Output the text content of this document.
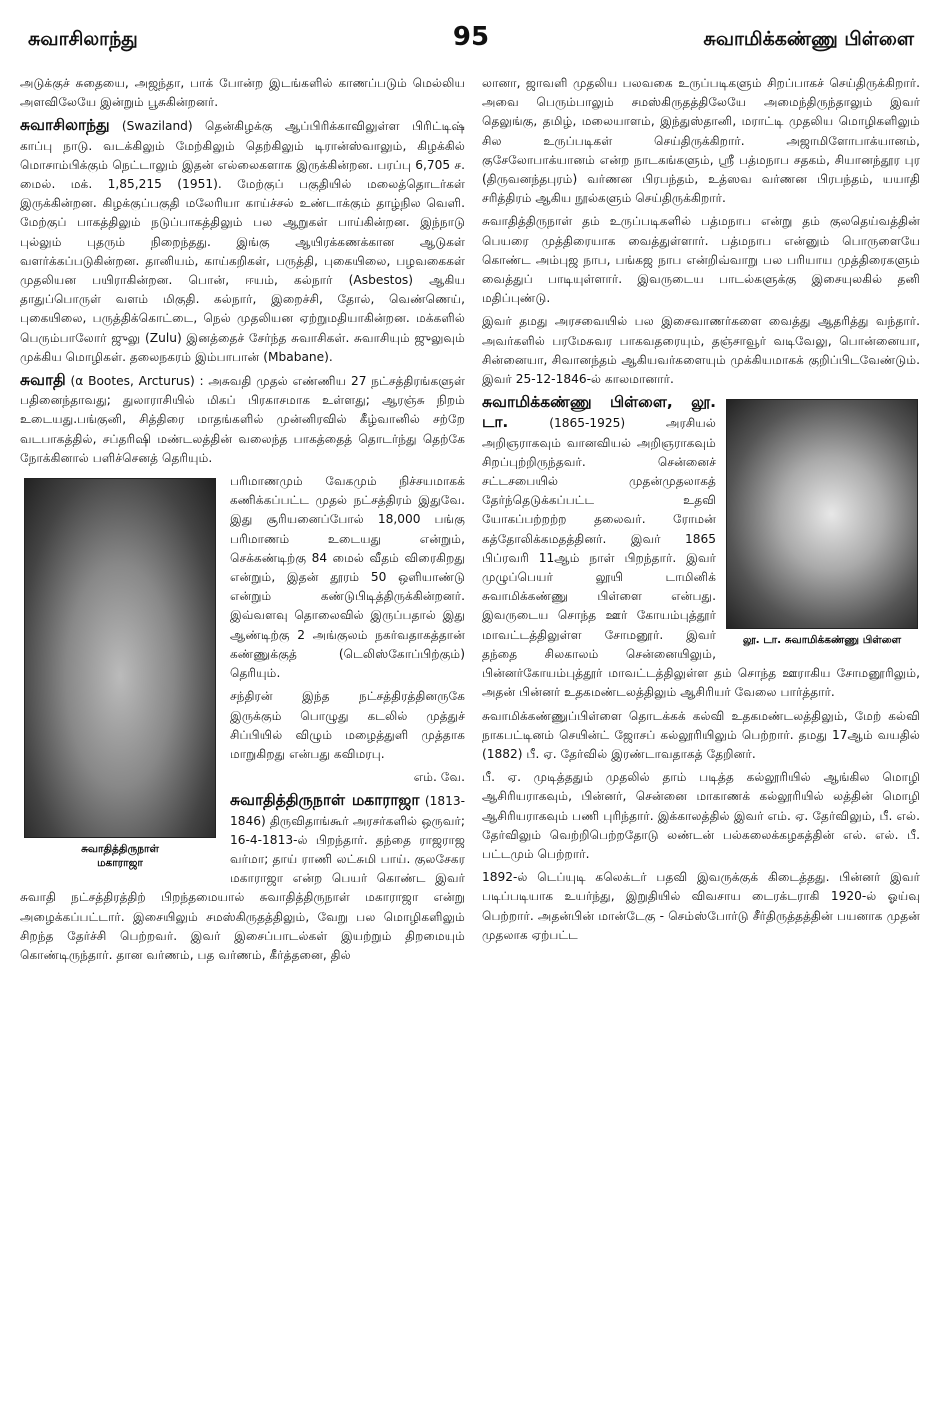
சுவாசிலாந்து	95	சுவாமிக்கண்ணு பிள்ளை

அடுக்குச் சுதையை, அஜந்தா, பாக் போன்ற இடங்களில் காணப்படும் மெல்லிய அளவிலேயே இன்றும் பூசுகின்றனர்.

சுவாசிலாந்து (Swaziland) தென்கிழக்கு ஆப்பிரிக்காவிலுள்ள பிரிட்டிஷ் காப்பு நாடு. வடக்கிலும் மேற்கிலும் தெற்கிலும் டிரான்ஸ்வாலும், கிழக்கில் மொசாம்பிக்கும் நெட்டாலும் இதன் எல்லைகளாக இருக்கின்றன. பரப்பு 6,705 ச. மைல். மக். 1,85,215 (1951). மேற்குப் பகுதியில் மலைத்தொடர்கள் இருக்கின்றன. கிழக்குப்பகுதி மலேரியா காய்ச்சல் உண்டாக்கும் தாழ்நில வெளி. மேற்குப் பாகத்திலும் நடுப்பாகத்திலும் பல ஆறுகள் பாய்கின்றன. இந்நாடு புல்லும் புதரும் நிறைந்தது. இங்கு ஆயிரக்கணக்கான ஆடுகள் வளர்க்கப்படுகின்றன. தானியம், காய்கறிகள், பருத்தி, புகையிலை, பழவகைகள் முதலியன பயிராகின்றன. பொன், ஈயம், கல்நார் (Asbestos) ஆகிய தாதுப்பொருள் வளம் மிகுதி. கல்நார், இறைச்சி, தோல், வெண்ணெய், புகையிலை, பருத்திக்கொட்டை, நெல் முதலியன ஏற்றுமதியாகின்றன. மக்களில் பெரும்பாலோர் ஜுலு (Zulu) இனத்தைச் சேர்ந்த சுவாசிகள். சுவாசியும் ஜுலுவும் முக்கிய மொழிகள். தலைநகரம் இம்பாபான் (Mbabane).

சுவாதி (α Bootes, Arcturus) : அசுவதி முதல் எண்ணிய 27 நட்சத்திரங்களுள் பதினைந்தாவது; துலாராசியில் மிகப் பிரகாசமாக உள்ளது; ஆரஞ்சு நிறம் உடையது.பங்குனி, சித்திரை மாதங்களில் முன்னிரவில் கீழ்வானில் சற்றே வடபாகத்தில், சப்தரிஷி மண்டலத்தின் வலைந்த பாகத்தைத் தொடர்ந்து தெற்கே நோக்கினால் பளிச்செனத் தெரியும்.

சுவாதித்திருநாள்
மகாராஜா

பரிமாணமும் வேகமும் நிச்சயமாகக் கணிக்கப்பட்ட முதல் நட்சத்திரம் இதுவே. இது சூரியனைப்போல் 18,000 பங்கு பரிமாணம் உடையது என்றும், செக்கண்டிற்கு 84 மைல் வீதம் விரைகிறது என்றும், இதன் தூரம் 50 ஒளியாண்டு என்றும் கண்டுபிடித்திருக்கின்றனர். இவ்வளவு தொலைவில் இருப்பதால் இது ஆண்டிற்கு 2 அங்குலம் நகர்வதாகத்தான் கண்ணுக்குத் (டெலிஸ்கோப்பிற்கும்) தெரியும்.

சந்திரன் இந்த நட்சத்திரத்தினருகே இருக்கும் பொழுது கடலில் முத்துச் சிப்பியில் விழும் மழைத்துளி முத்தாக மாறுகிறது என்பது கவிமரபு.

எம். வே.

சுவாதித்திருநாள் மகாராஜா (1813-1846) திருவிதாங்கூர் அரசர்களில் ஒருவர்; 16-4-1813-ல் பிறந்தார். தந்தை ராஜராஜ வர்மா; தாய் ராணி லட்சுமி பாய். குலசேகர மகாராஜா என்ற பெயர் கொண்ட இவர் சுவாதி நட்சத்திரத்திற் பிறந்தமையால் சுவாதித்திருநாள் மகாராஜா என்று அழைக்கப்பட்டார். இசையிலும் சமஸ்கிருதத்திலும், வேறு பல மொழிகளிலும் சிறந்த தேர்ச்சி பெற்றவர். இவர் இசைப்பாடல்கள் இயற்றும் திறமையும் கொண்டிருந்தார். தான வர்ணம், பத வர்ணம், கீர்த்தனை, தில்

லானா, ஜாவளி முதலிய பலவகை உருப்படிகளும் சிறப்பாகச் செய்திருக்கிறார். அவை பெரும்பாலும் சமஸ்கிருதத்திலேயே அமைந்திருந்தாலும் இவர் தெலுங்கு, தமிழ், மலையாளம், இந்துஸ்தானி, மராட்டி முதலிய மொழிகளிலும் சில உருப்படிகள் செய்திருக்கிறார். அஜாமிளோபாக்யானம், குசேலோபாக்யானம் என்ற நாடகங்களும், ஸ்ரீ பத்மநாப சதகம், சியானந்தூர புர (திருவனந்தபுரம்) வர்ணன பிரபந்தம், உத்ஸவ வர்ணன பிரபந்தம், யயாதி சரித்திரம் ஆகிய நூல்களும் செய்திருக்கிறார்.

சுவாதித்திருநாள் தம் உருப்படிகளில் பத்மநாப என்று தம் குலதெய்வத்தின் பெயரை முத்திரையாக வைத்துள்ளார். பத்மநாப என்னும் பொருளையே கொண்ட அம்புஜ நாப, பங்கஜ நாப என்றிவ்வாறு பல பரியாய முத்திரைகளும் வைத்துப் பாடியுள்ளார். இவருடைய பாடல்களுக்கு இசையுலகில் தனி மதிப்புண்டு.

இவர் தமது அரசவையில் பல இசைவாணர்களை வைத்து ஆதரித்து வந்தார். அவர்களில் பரமேசுவர பாகவதரையும், தஞ்சாவூர் வடிவேலு, பொன்னையா, சின்னையா, சிவானந்தம் ஆகியவர்களையும் முக்கியமாகக் குறிப்பிடவேண்டும். இவர் 25-12-1846-ல் காலமானார்.

லூ. டா. சுவாமிக்கண்ணு பிள்ளை

சுவாமிக்கண்ணு பிள்ளை, லூ. டா. (1865-1925) அரசியல் அறிஞராகவும் வானவியல் அறிஞராகவும் சிறப்புற்றிருந்தவர். சென்னைச் சட்டசபையில் முதன்முதலாகத் தேர்ந்தெடுக்கப்பட்ட உதவி யோகப்பற்றற்ற தலைவர். ரோமன் கத்தோலிக்கமதத்தினர். இவர் 1865 பிப்ரவரி 11ஆம் நாள் பிறந்தார். இவர் முழுப்பெயர் லூயி டாமினிக் சுவாமிக்கண்ணு பிள்ளை என்பது. இவருடைய சொந்த ஊர் கோயம்புத்தூர் மாவட்டத்திலுள்ள சோமனூர். இவர் தந்தை சிலகாலம் சென்னையிலும், பின்னர்கோயம்புத்தூர் மாவட்டத்திலுள்ள தம் சொந்த ஊராகிய சோமனூரிலும், அதன் பின்னர் உதகமண்டலத்திலும் ஆசிரியர் வேலை பார்த்தார்.

சுவாமிக்கண்ணுப்பிள்ளை தொடக்கக் கல்வி உதகமண்டலத்திலும், மேற் கல்வி நாகபட்டினம் செயின்ட் ஜோசப் கல்லூரியிலும் பெற்றார். தமது 17ஆம் வயதில் (1882) பீ. ஏ. தேர்வில் இரண்டாவதாகத் தேறினர்.

பீ. ஏ. முடித்ததும் முதலில் தாம் படித்த கல்லூரியில் ஆங்கில மொழி ஆசிரியராகவும், பின்னர், சென்னை மாகாணக் கல்லூரியில் லத்தின் மொழி ஆசிரியராகவும் பணி புரிந்தார். இக்காலத்தில் இவர் எம். ஏ. தேர்விலும், பீ. எல். தேர்விலும் வெற்றிபெற்றதோடு லண்டன் பல்கலைக்கழகத்தின் எல். எல். பீ. பட்டமும் பெற்றார்.

1892-ல் டெப்யுடி கலெக்டர் பதவி இவருக்குக் கிடைத்தது. பின்னர் இவர் படிப்படியாக உயர்ந்து, இறுதியில் விவசாய டைரக்டராகி 1920-ல் ஓய்வு பெற்றார். அதன்பின் மான்டேகு - செம்ஸ்போர்டு சீர்திருத்தத்தின் பயனாக முதன் முதலாக ஏற்பட்ட
